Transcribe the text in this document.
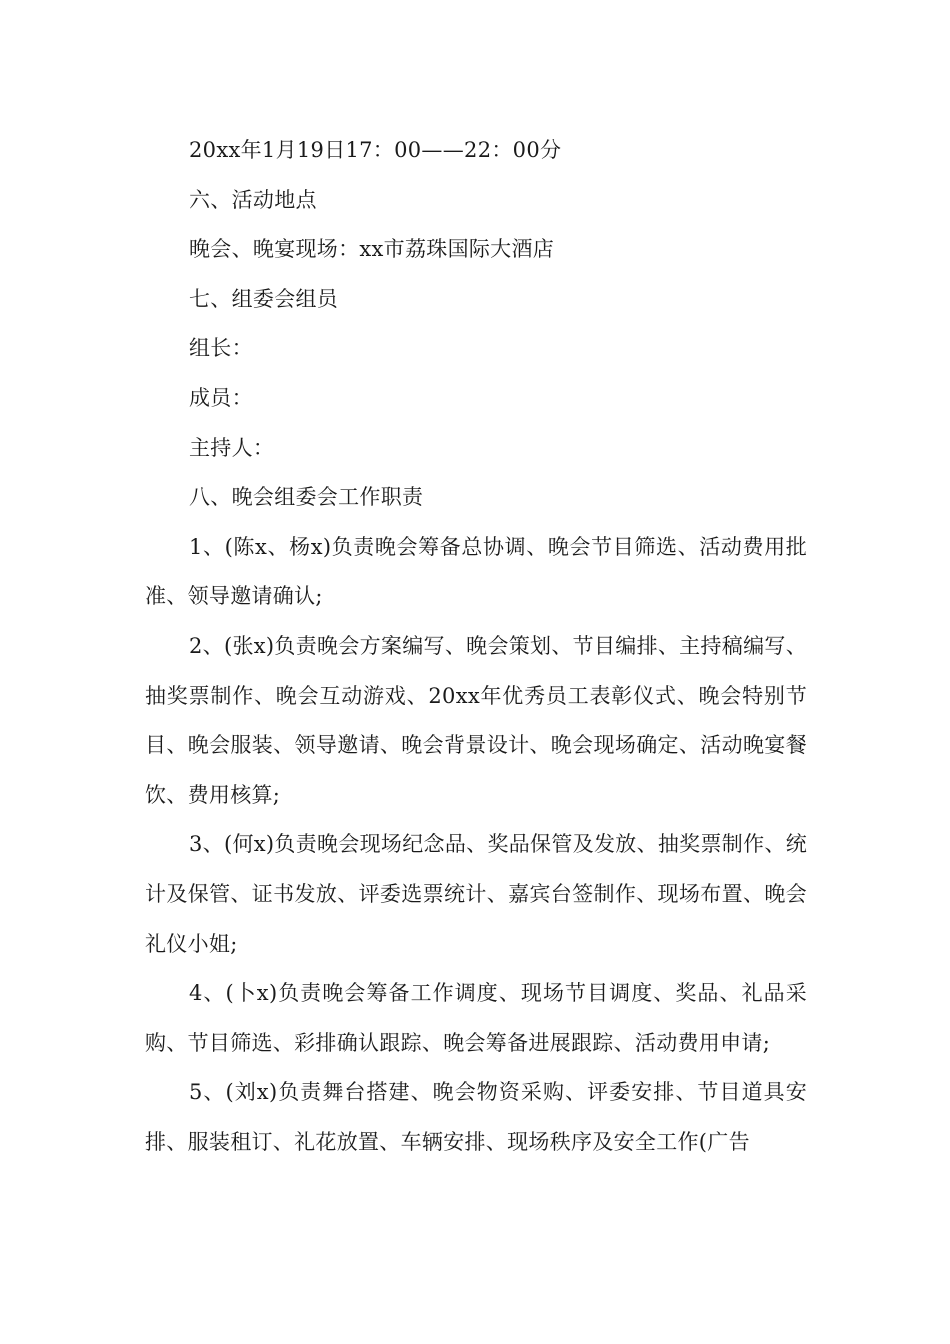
20xx年1月19日17：00——22：00分

六、活动地点

晚会、晚宴现场：xx市荔珠国际大酒店

七、组委会组员

组长：

成员：

主持人：

八、晚会组委会工作职责

1、(陈x、杨x)负责晚会筹备总协调、晚会节目筛选、活动费用批准、领导邀请确认;

2、(张x)负责晚会方案编写、晚会策划、节目编排、主持稿编写、抽奖票制作、晚会互动游戏、20xx年优秀员工表彰仪式、晚会特别节目、晚会服装、领导邀请、晚会背景设计、晚会现场确定、活动晚宴餐饮、费用核算;

3、(何x)负责晚会现场纪念品、奖品保管及发放、抽奖票制作、统计及保管、证书发放、评委选票统计、嘉宾台签制作、现场布置、晚会礼仪小姐;

4、(卜x)负责晚会筹备工作调度、现场节目调度、奖品、礼品采购、节目筛选、彩排确认跟踪、晚会筹备进展跟踪、活动费用申请;

5、(刘x)负责舞台搭建、晚会物资采购、评委安排、节目道具安排、服装租订、礼花放置、车辆安排、现场秩序及安全工作(广告
